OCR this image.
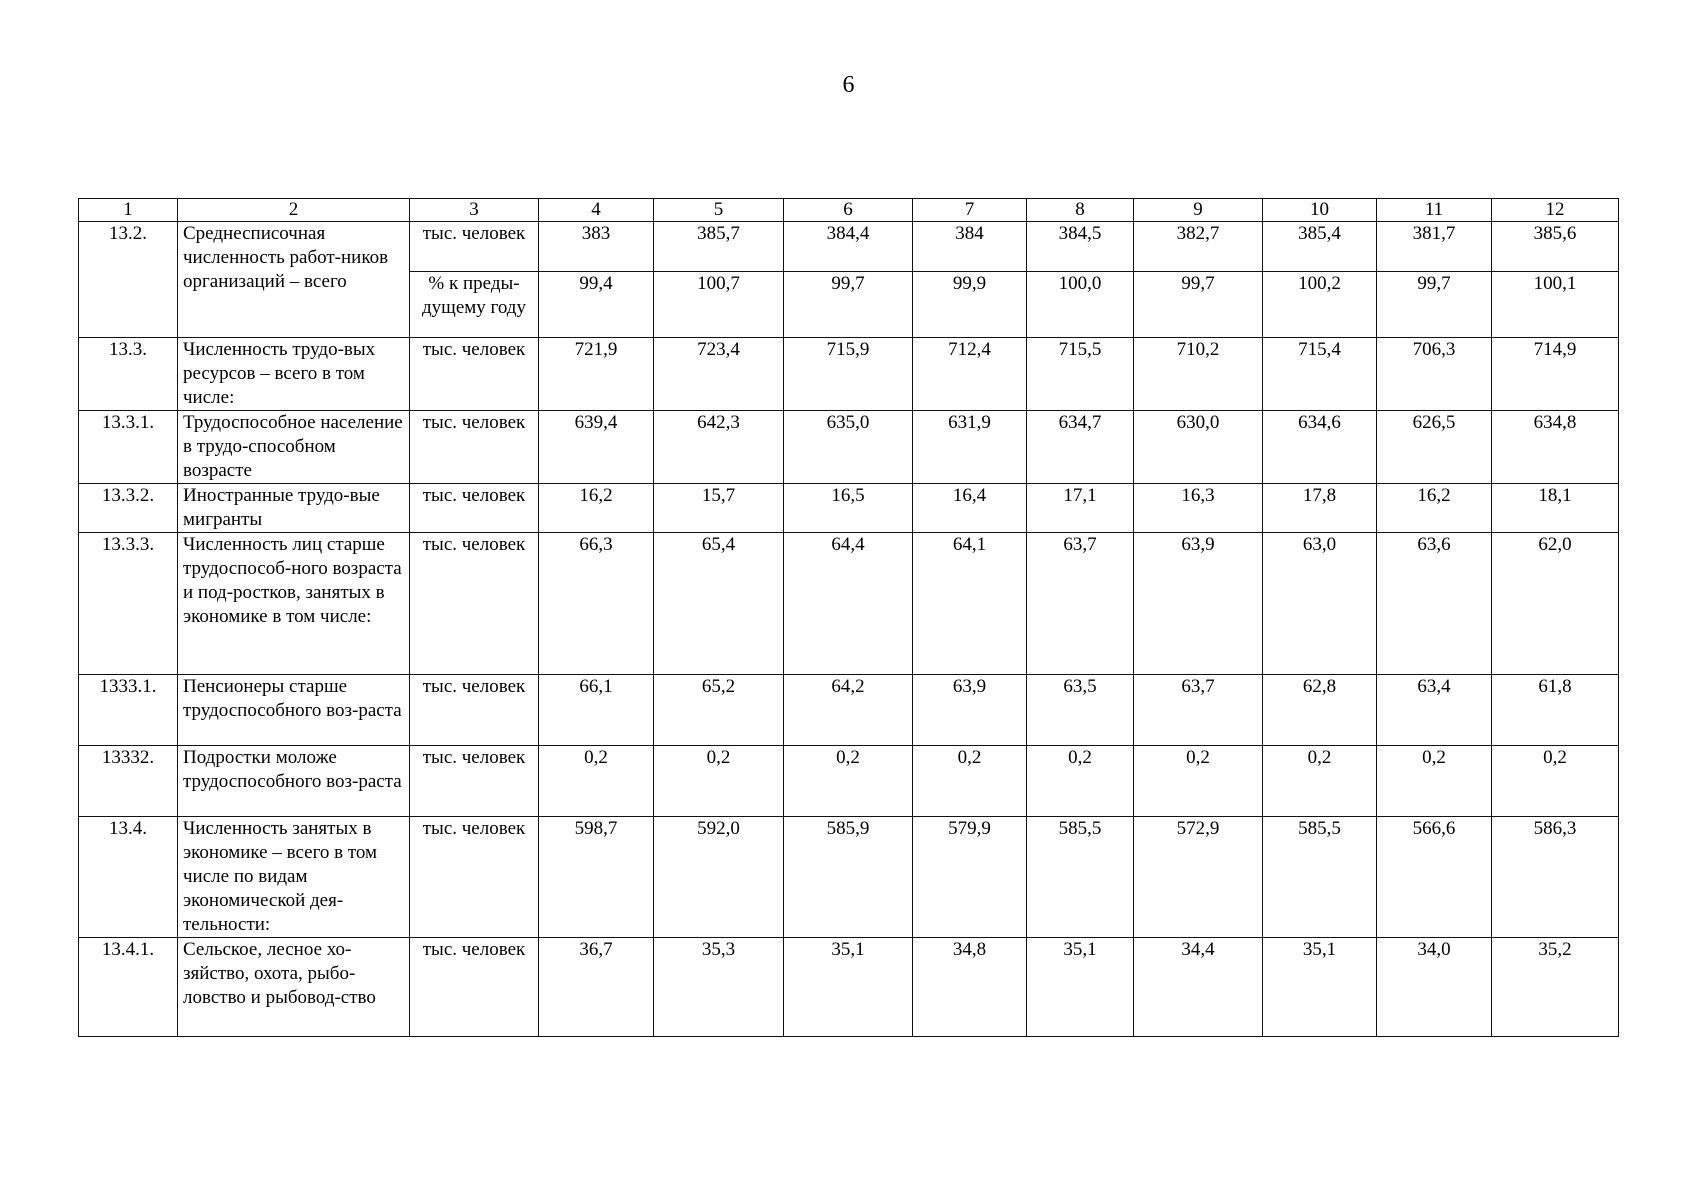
6
1	2	3	4	5	6	7	8	9	10	11	12
13.2.	Среднесписочная численность работ-ников организаций – всего	тыс. человек	383	385,7	384,4	384	384,5	382,7	385,4	381,7	385,6
		% к преды-дущему году	99,4	100,7	99,7	99,9	100,0	99,7	100,2	99,7	100,1
13.3.	Численность трудо-вых ресурсов – всего в том числе:	тыс. человек	721,9	723,4	715,9	712,4	715,5	710,2	715,4	706,3	714,9
13.3.1.	Трудоспособное население в трудо-способном возрасте	тыс. человек	639,4	642,3	635,0	631,9	634,7	630,0	634,6	626,5	634,8
13.3.2.	Иностранные трудо-вые мигранты	тыс. человек	16,2	15,7	16,5	16,4	17,1	16,3	17,8	16,2	18,1
13.3.3.	Численность лиц старше трудоспособ-ного возраста и под-ростков, занятых в экономике в том числе:	тыс. человек	66,3	65,4	64,4	64,1	63,7	63,9	63,0	63,6	62,0
1333.1.	Пенсионеры старше трудоспособного воз-раста	тыс. человек	66,1	65,2	64,2	63,9	63,5	63,7	62,8	63,4	61,8
13332.	Подростки моложе трудоспособного воз-раста	тыс. человек	0,2	0,2	0,2	0,2	0,2	0,2	0,2	0,2	0,2
13.4.	Численность занятых в экономике – всего в том числе по видам экономической дея-тельности:	тыс. человек	598,7	592,0	585,9	579,9	585,5	572,9	585,5	566,6	586,3
13.4.1.	Сельское, лесное хо-зяйство, охота, рыбо-ловство и рыбовод-ство	тыс. человек	36,7	35,3	35,1	34,8	35,1	34,4	35,1	34,0	35,2
